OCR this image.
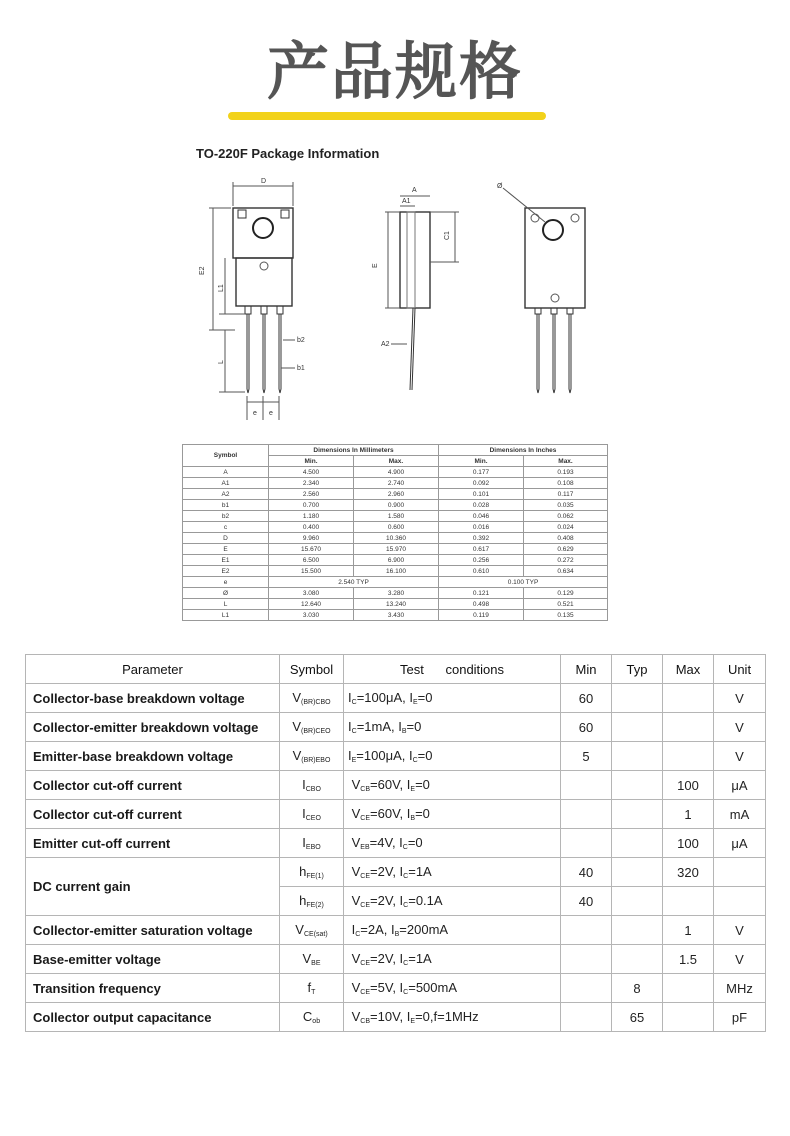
产品规格
TO-220F Package Information
D
E2
L1
L
b2
b1
e e
A
A1
E
C1
A2
Ø
Symbol	Dimensions In Millimeters		Dimensions In Inches	
	Min.	Max.	Min.	Max.
A	4.500	4.900	0.177	0.193
A1	2.340	2.740	0.092	0.108
A2	2.560	2.960	0.101	0.117
b1	0.700	0.900	0.028	0.035
b2	1.180	1.580	0.046	0.062
c	0.400	0.600	0.016	0.024
D	9.960	10.360	0.392	0.408
E	15.670	15.970	0.617	0.629
E1	6.500	6.900	0.256	0.272
E2	15.500	16.100	0.610	0.634
e	2.540 TYP		0.100 TYP	
Ø	3.080	3.280	0.121	0.129
L	12.640	13.240	0.498	0.521
L1	3.030	3.430	0.119	0.135
Parameter	Symbol	Test      conditions	Min	Typ	Max	Unit
Collector-base breakdown voltage	$V_{(BR)CBO}$	$I_C=100\mu A$, $I_E=0$	60			V
Collector-emitter breakdown voltage	$V_{(BR)CEO}$	$I_C=1mA$, $I_B=0$	60			V
Emitter-base breakdown voltage	$V_{(BR)EBO}$	$I_E=100\mu A$, $I_C=0$	5			V
Collector cut-off current	$I_{CBO}$	$V_{CB}=60V$, $I_E=0$			100	μA
Collector cut-off current	$I_{CEO}$	$V_{CE}=60V$, $I_B=0$			1	mA
Emitter cut-off current	$I_{EBO}$	$V_{EB}=4V$, $I_C=0$			100	μA
DC current gain	$h_{FE(1)}$	$V_{CE}=2V$, $I_C=1A$	40		320	
	$h_{FE(2)}$	$V_{CE}=2V$, $I_C=0.1A$	40			
Collector-emitter saturation voltage	$V_{CE(sat)}$	$I_C=2A$, $I_B=200mA$			1	V
Base-emitter voltage	$V_{BE}$	$V_{CE}=2V$, $I_C=1A$			1.5	V
Transition frequency	$f_T$	$V_{CE}=5V$, $I_C=500mA$		8		MHz
Collector output capacitance	$C_{ob}$	$V_{CB}=10V$, $I_E=0,f=1MHz$		65		pF
